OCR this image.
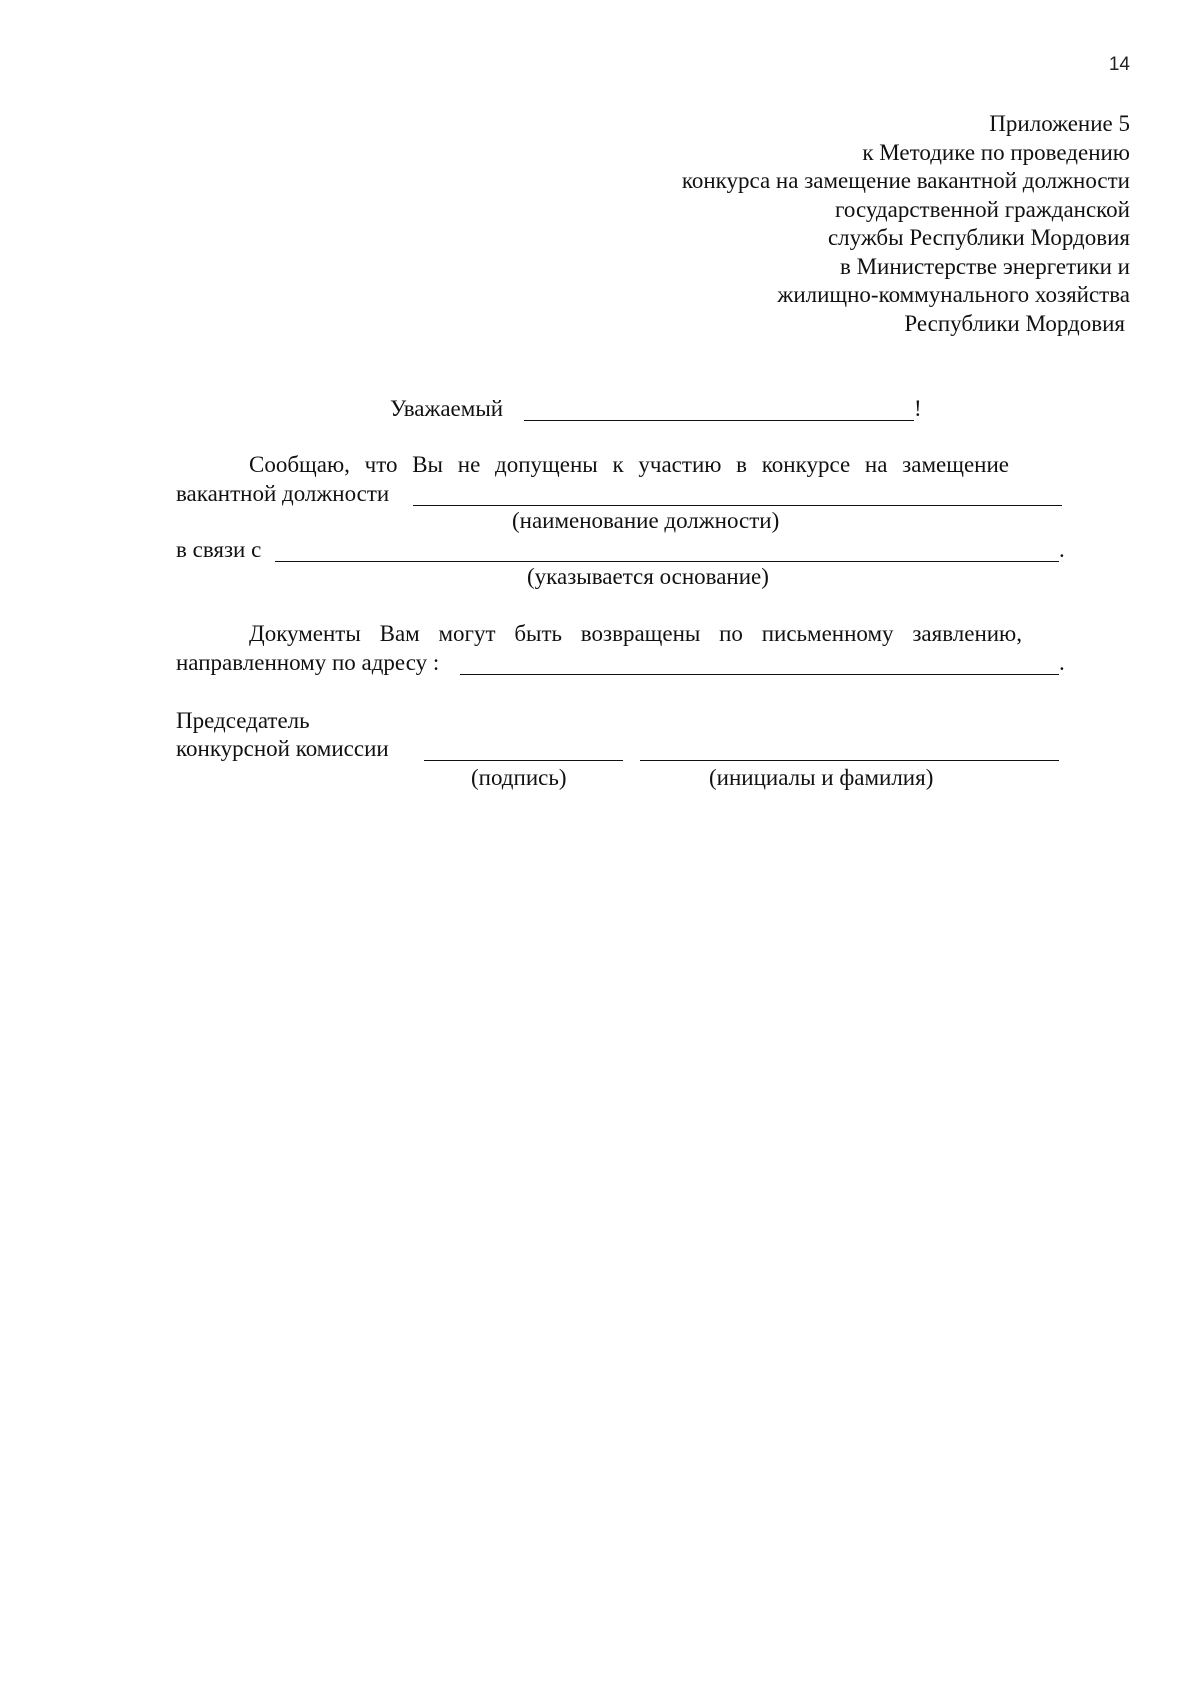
14
Приложение 5
к Методике по проведению
конкурса на замещение вакантной должности
государственной гражданской
службы Республики Мордовия
в Министерстве энергетики и
жилищно-коммунального хозяйства
Республики Мордовия
Уважаемый	!
Сообщаю, что Вы не допущены к участию в конкурсе на замещение
вакантной должности
(наименование должности)
в связи с	.
(указывается основание)
Документы Вам могут быть возвращены по письменному заявлению,
направленному по адресу :	.
Председатель
конкурсной комиссии
(подпись)	(инициалы и фамилия)
